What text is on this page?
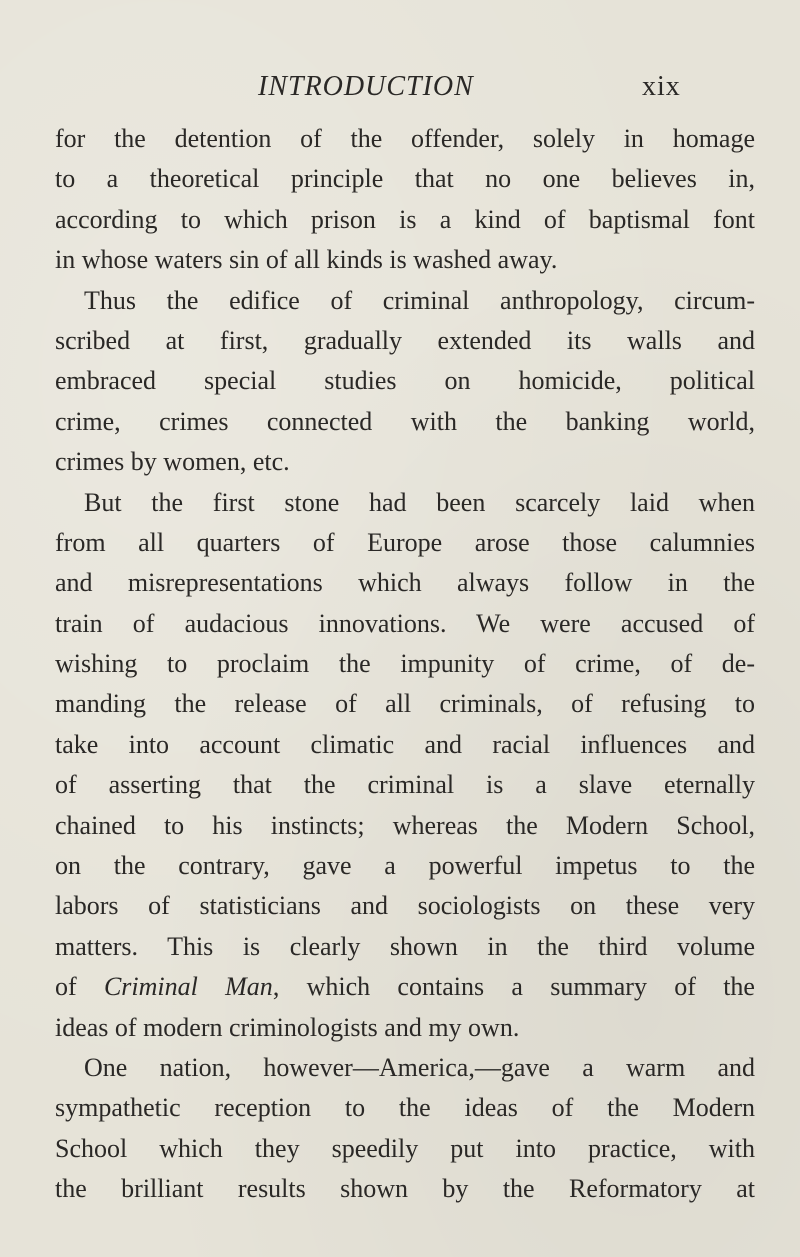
INTRODUCTION	xix
for the detention of the offender, solely in homage
to a theoretical principle that no one believes in,
according to which prison is a kind of baptismal font
in whose waters sin of all kinds is washed away.
Thus the edifice of criminal anthropology, circum-
scribed at first, gradually extended its walls and
embraced special studies on homicide, political
crime, crimes connected with the banking world,
crimes by women, etc.
But the first stone had been scarcely laid when
from all quarters of Europe arose those calumnies
and misrepresentations which always follow in the
train of audacious innovations. We were accused of
wishing to proclaim the impunity of crime, of de-
manding the release of all criminals, of refusing to
take into account climatic and racial influences and
of asserting that the criminal is a slave eternally
chained to his instincts; whereas the Modern School,
on the contrary, gave a powerful impetus to the
labors of statisticians and sociologists on these very
matters. This is clearly shown in the third volume
of Criminal Man, which contains a summary of the
ideas of modern criminologists and my own.
One nation, however—America,—gave a warm and
sympathetic reception to the ideas of the Modern
School which they speedily put into practice, with
the brilliant results shown by the Reformatory at
